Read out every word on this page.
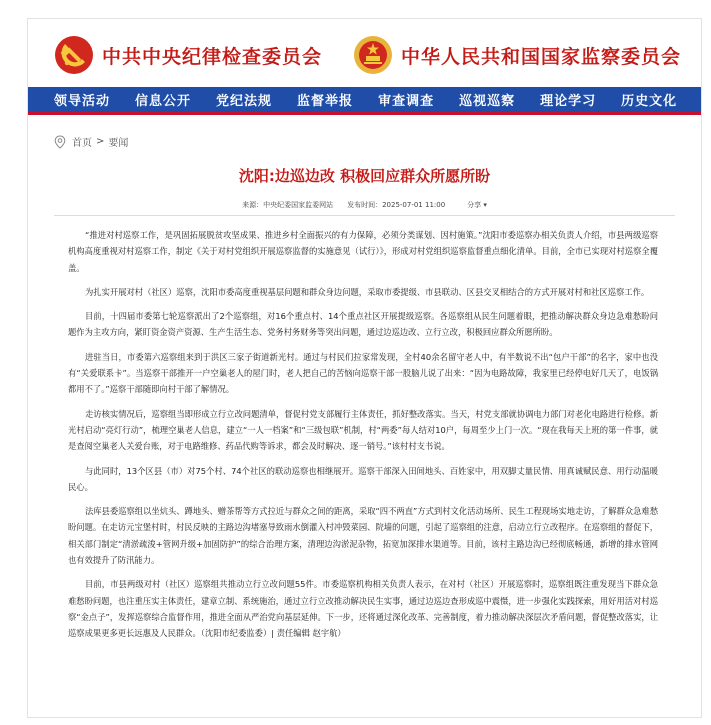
中共中央纪律检查委员会	中华人民共和国国家监察委员会
领导活动 信息公开 党纪法规 监督举报 审查调查 巡视巡察 理论学习 历史文化
首页 > 要闻
沈阳:边巡边改 积极回应群众所愿所盼
来源： 中央纪委国家监委网站 发布时间： 2025-07-01 11:00	分享 ▾

“推进对村巡察工作，是巩固拓展脱贫攻坚成果、推进乡村全面振兴的有力保障，必须分类谋划、因村施策。”沈阳市委巡察办相关负责人介绍，市县两级巡察机构高度重视对村巡察工作，制定《关于对村党组织开展巡察监督的实施意见（试行）》，形成对村党组织巡察监督重点细化清单。目前，全市已实现对村巡察全覆盖。

为扎实开展对村（社区）巡察，沈阳市委高度重视基层问题和群众身边问题，采取市委提级、市县联动、区县交叉相结合的方式开展对村和社区巡察工作。

目前，十四届市委第七轮巡察派出了2个巡察组，对16个重点村、14个重点社区开展提级巡察。各巡察组从民生问题着眼，把推动解决群众身边急难愁盼问题作为主攻方向，紧盯资金资产资源、生产生活生态、党务村务财务等突出问题，通过边巡边改、立行立改，积极回应群众所愿所盼。

进驻当日，市委第六巡察组来到于洪区三家子街道新光村。通过与村民们拉家常发现，全村40余名留守老人中，有半数说不出“包户干部”的名字，家中也没有“关爱联系卡”。当巡察干部推开一户空巢老人的屋门时，老人把自己的苦恼向巡察干部一股脑儿说了出来：“因为电路故障，我家里已经停电好几天了，电饭锅都用不了。”巡察干部随即向村干部了解情况。

走访核实情况后，巡察组当即形成立行立改问题清单，督促村党支部履行主体责任，抓好整改落实。当天，村党支部就协调电力部门对老化电路进行检修。新光村启动“亮灯行动”，梳理空巢老人信息，建立“一人一档案”和“三级包联”机制，村“两委”每人结对10户，每周至少上门一次。“现在我每天上班的第一件事，就是查阅空巢老人关爱台账，对于电路维修、药品代购等诉求，都会及时解决、逐一销号。”该村村支书说。

与此同时，13个区县（市）对75个村、74个社区的联动巡察也相继展开。巡察干部深入田间地头、百姓家中，用双脚丈量民情、用真诚赋民意、用行动温暖民心。

法库县委巡察组以坐炕头、蹲地头、赠茶帮等方式拉近与群众之间的距离，采取“四不两直”方式到村文化活动场所、民生工程现场实地走访，了解群众急难愁盼问题。在走访元宝堡村时，村民反映的主路边沟堵塞导致雨水倒灌入村冲毁菜园、院墙的问题，引起了巡察组的注意，启动立行立改程序。在巡察组的督促下，相关部门制定“清淤疏浚+管网升级+加固防护”的综合治理方案，清理边沟淤泥杂物，拓宽加深排水渠道等。目前，该村主路边沟已经彻底畅通，新增的排水管网也有效提升了防汛能力。

目前，市县两级对村（社区）巡察组共推动立行立改问题55件。市委巡察机构相关负责人表示，在对村（社区）开展巡察时，巡察组既注重发现当下群众急难愁盼问题，也注重压实主体责任，建章立制、系统施治，通过立行立改推动解决民生实事，通过边巡边查形成巡中震慑，进一步强化实践探索，用好用活对村巡察“金点子”，发挥巡察综合监督作用，推进全面从严治党向基层延伸。下一步，还将通过深化改革、完善制度，着力推动解决深层次矛盾问题，督促整改落实，让巡察成果更多更长远惠及人民群众。（沈阳市纪委监委）| 责任编辑 赵宇航）
